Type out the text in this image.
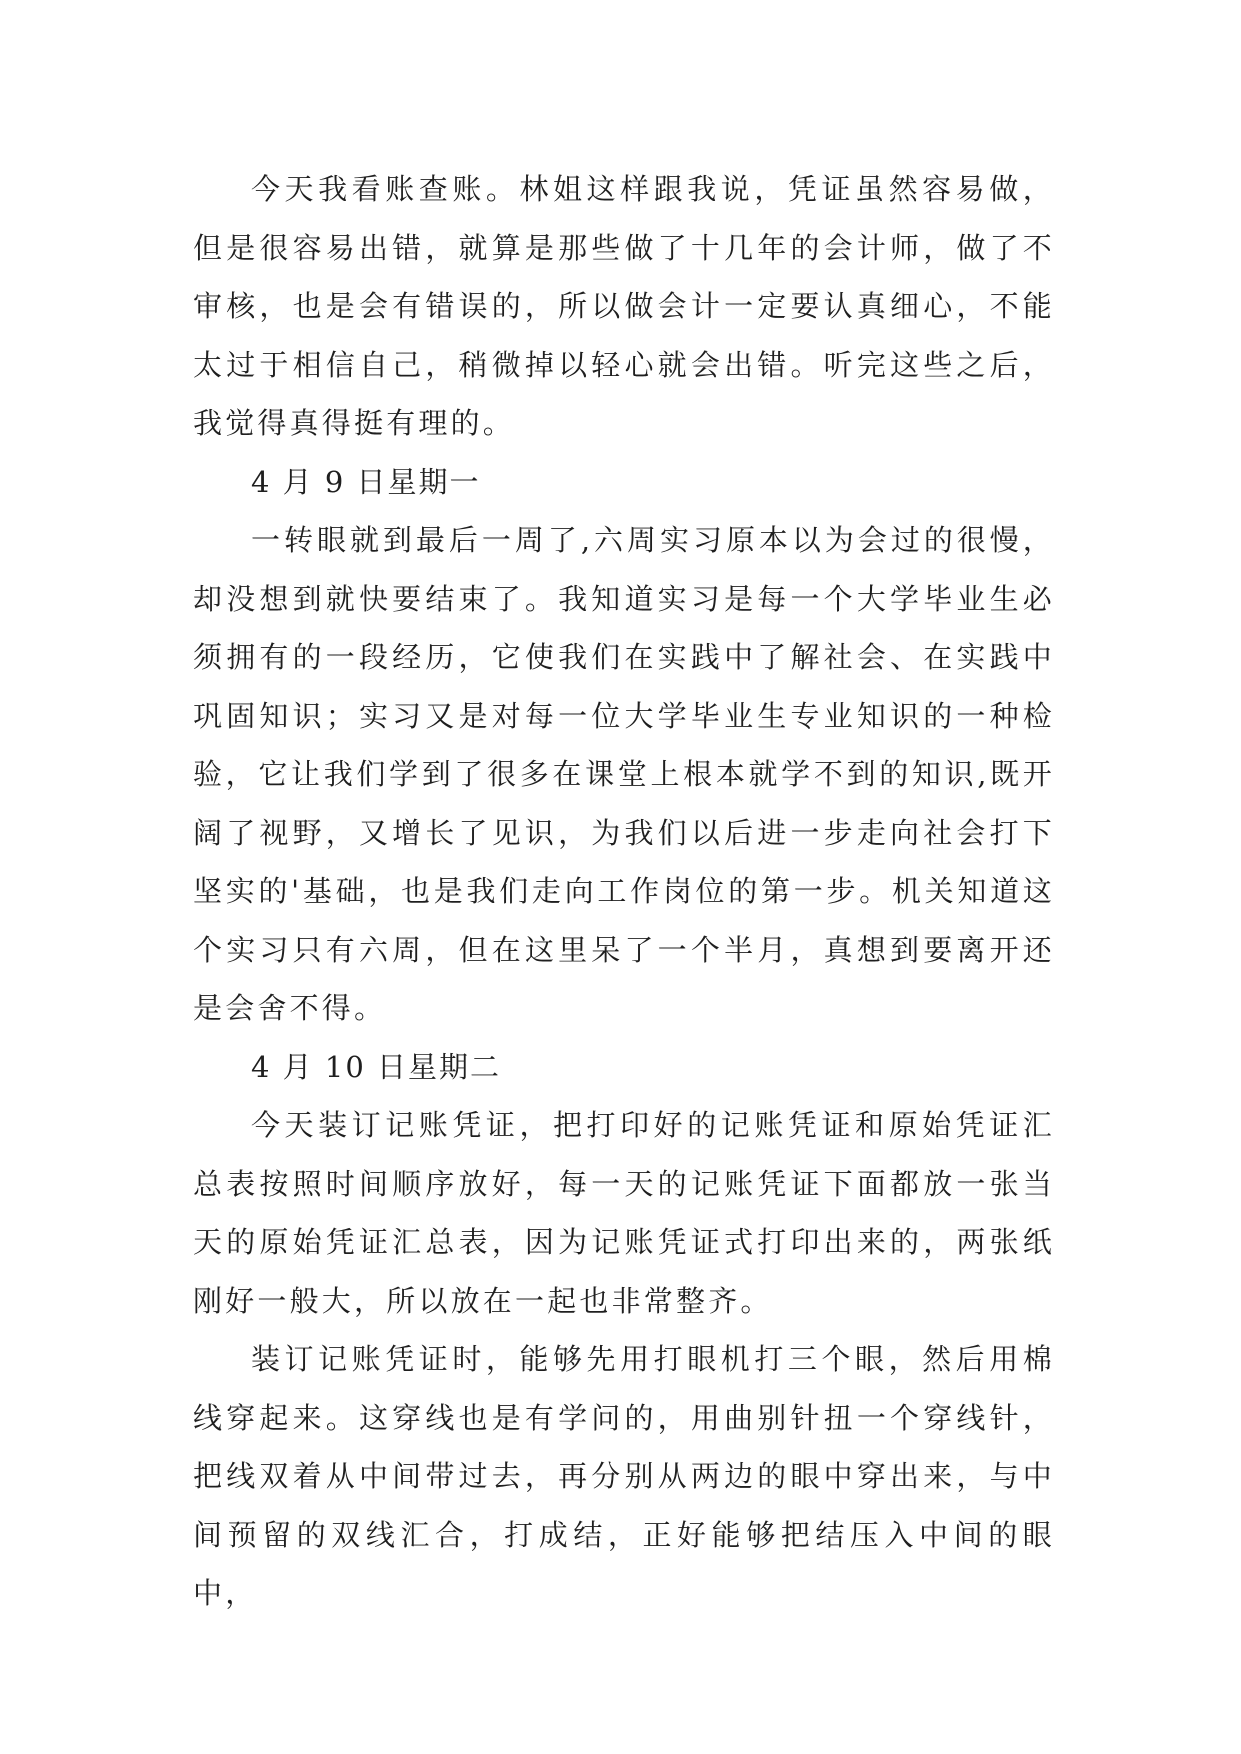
今天我看账查账。林姐这样跟我说，凭证虽然容易做，但是很容易出错，就算是那些做了十几年的会计师，做了不审核，也是会有错误的，所以做会计一定要认真细心，不能太过于相信自己，稍微掉以轻心就会出错。听完这些之后，我觉得真得挺有理的。

4 月 9 日星期一

一转眼就到最后一周了,六周实习原本以为会过的很慢，却没想到就快要结束了。我知道实习是每一个大学毕业生必须拥有的一段经历，它使我们在实践中了解社会、在实践中巩固知识；实习又是对每一位大学毕业生专业知识的一种检验，它让我们学到了很多在课堂上根本就学不到的知识,既开阔了视野，又增长了见识，为我们以后进一步走向社会打下坚实的'基础，也是我们走向工作岗位的第一步。机关知道这个实习只有六周，但在这里呆了一个半月，真想到要离开还是会舍不得。

4 月 10 日星期二

今天装订记账凭证，把打印好的记账凭证和原始凭证汇总表按照时间顺序放好，每一天的记账凭证下面都放一张当天的原始凭证汇总表，因为记账凭证式打印出来的，两张纸刚好一般大，所以放在一起也非常整齐。

装订记账凭证时，能够先用打眼机打三个眼，然后用棉线穿起来。这穿线也是有学问的，用曲别针扭一个穿线针，把线双着从中间带过去，再分别从两边的眼中穿出来，与中间预留的双线汇合，打成结，正好能够把结压入中间的眼中，
